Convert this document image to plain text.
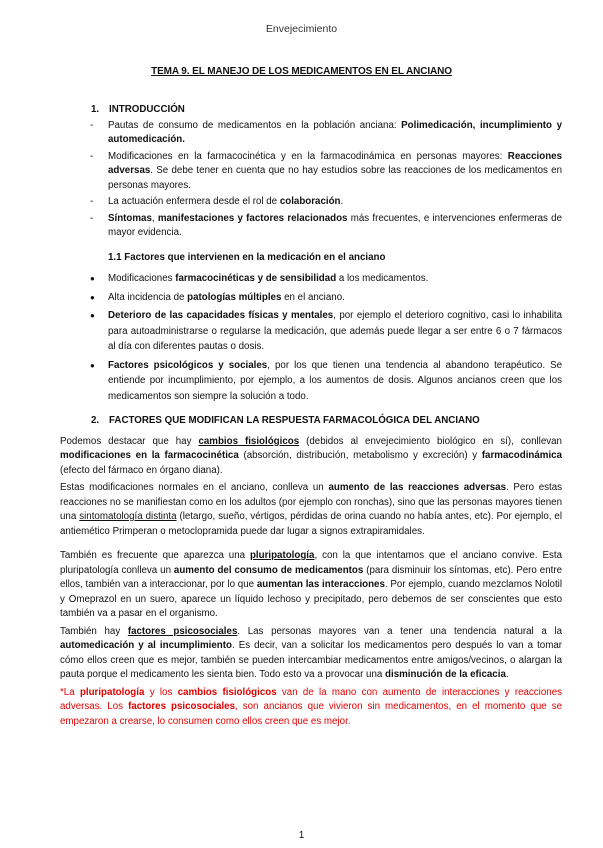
Envejecimiento
TEMA 9. EL MANEJO DE LOS MEDICAMENTOS EN EL ANCIANO
1. INTRODUCCIÓN
- Pautas de consumo de medicamentos en la población anciana: Polimedicación, incumplimiento y automedicación.
- Modificaciones en la farmacocinética y en la farmacodinámica en personas mayores: Reacciones adversas. Se debe tener en cuenta que no hay estudios sobre las reacciones de los medicamentos en personas mayores.
- La actuación enfermera desde el rol de colaboración.
- Síntomas, manifestaciones y factores relacionados más frecuentes, e intervenciones enfermeras de mayor evidencia.
1.1 Factores que intervienen en la medicación en el anciano
● Modificaciones farmacocinéticas y de sensibilidad a los medicamentos.
● Alta incidencia de patologías múltiples en el anciano.
● Deterioro de las capacidades físicas y mentales, por ejemplo el deterioro cognitivo, casi lo inhabilita para autoadministrarse o regularse la medicación, que además puede llegar a ser entre 6 o 7 fármacos al día con diferentes pautas o dosis.
● Factores psicológicos y sociales, por los que tienen una tendencia al abandono terapéutico. Se entiende por incumplimiento, por ejemplo, a los aumentos de dosis. Algunos ancianos creen que los medicamentos son siempre la solución a todo.
2. FACTORES QUE MODIFICAN LA RESPUESTA FARMACOLÓGICA DEL ANCIANO

Podemos destacar que hay cambios fisiológicos (debidos al envejecimiento biológico en sí), conllevan modificaciones en la farmacocinética (absorción, distribución, metabolismo y excreción) y farmacodinámica (efecto del fármaco en órgano diana).

Estas modificaciones normales en el anciano, conlleva un aumento de las reacciones adversas. Pero estas reacciones no se manifiestan como en los adultos (por ejemplo con ronchas), sino que las personas mayores tienen una sintomatología distinta (letargo, sueño, vértigos, pérdidas de orina cuando no había antes, etc). Por ejemplo, el antiemético Primperan o metoclopramida puede dar lugar a signos extrapiramidales.

También es frecuente que aparezca una pluripatología, con la que intentamos que el anciano convive. Esta pluripatología conlleva un aumento del consumo de medicamentos (para disminuir los síntomas, etc). Pero entre ellos, también van a interaccionar, por lo que aumentan las interacciones. Por ejemplo, cuando mezclamos Nolotil y Omeprazol en un suero, aparece un líquido lechoso y precipitado, pero debemos de ser conscientes que esto también va a pasar en el organismo.

También hay factores psicosociales. Las personas mayores van a tener una tendencia natural a la automedicación y al incumplimiento. Es decir, van a solicitar los medicamentos pero después lo van a tomar cómo ellos creen que es mejor, también se pueden intercambiar medicamentos entre amigos/vecinos, o alargan la pauta porque el medicamento les sienta bien. Todo esto va a provocar una disminución de la eficacia.

*La pluripatología y los cambios fisiológicos van de la mano con aumento de interacciones y reacciones adversas. Los factores psicosociales, son ancianos que vivieron sin medicamentos, en el momento que se empezaron a crearse, lo consumen como ellos creen que es mejor.

1
